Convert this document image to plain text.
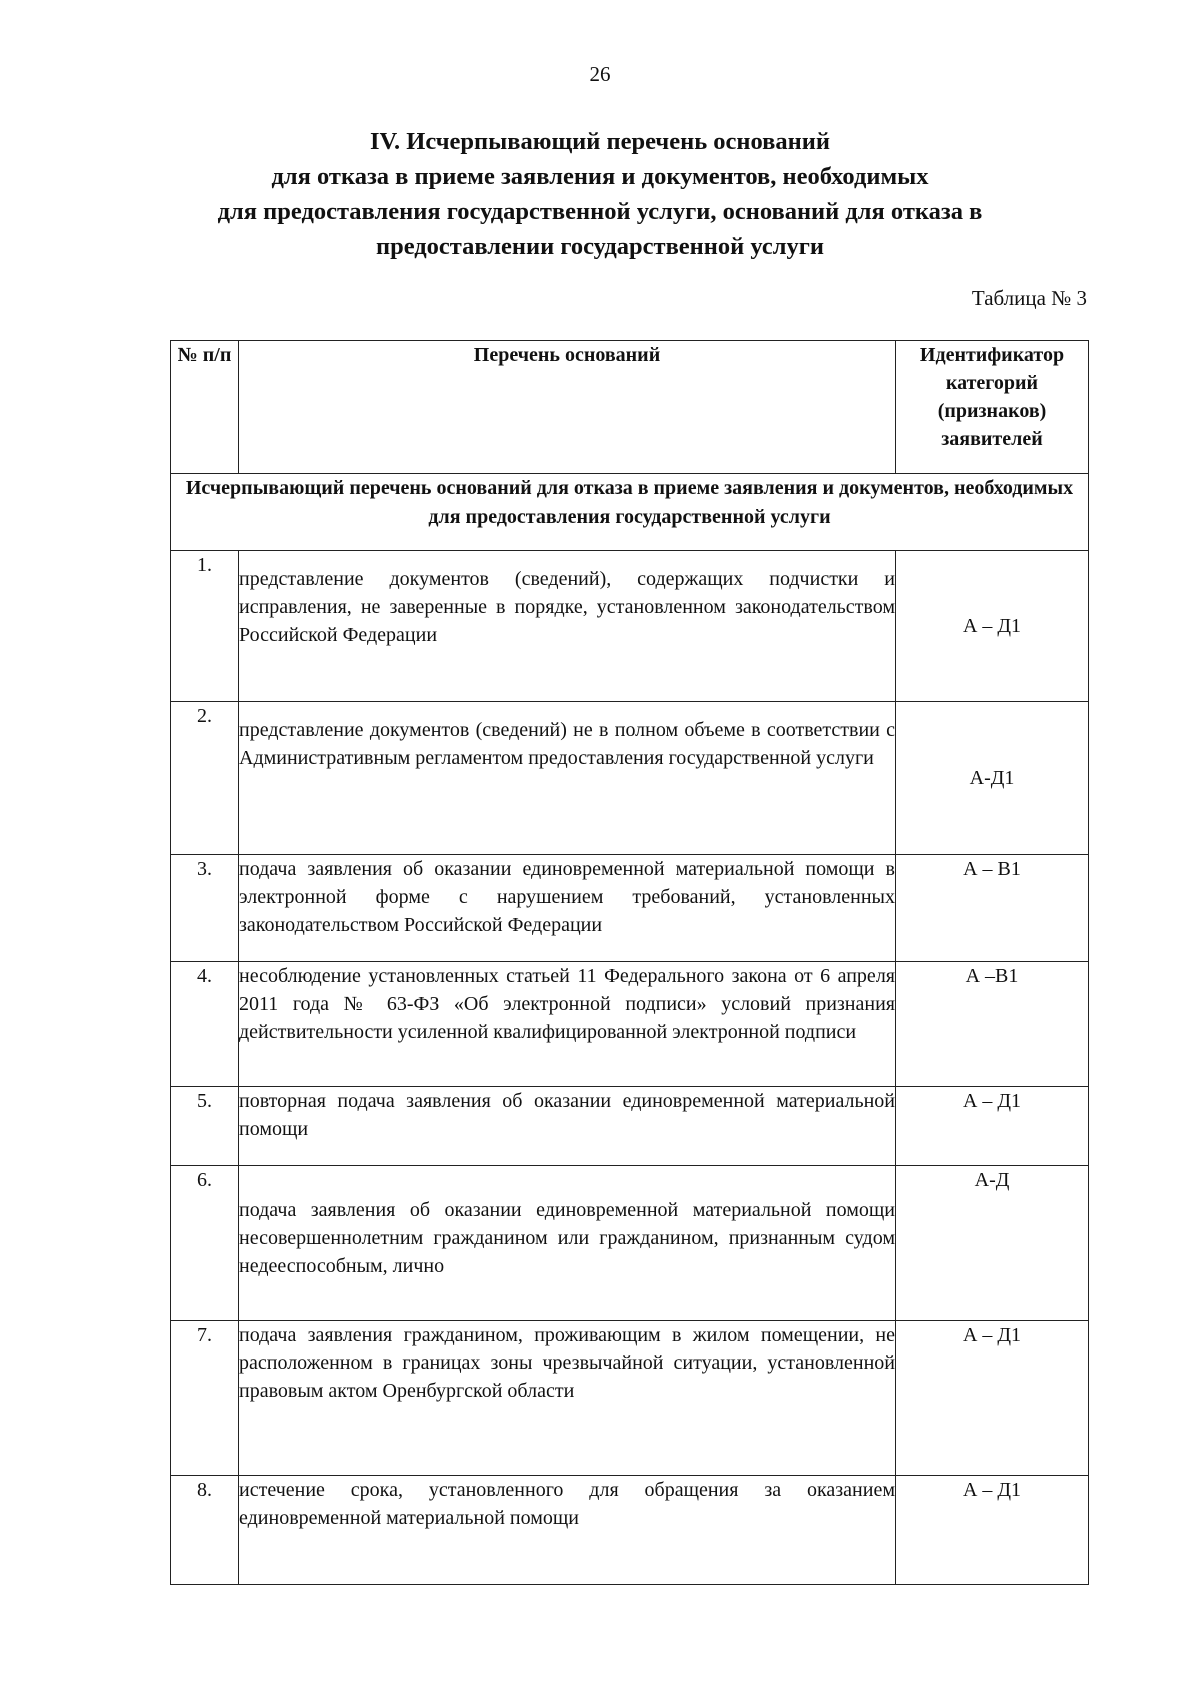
26
IV. Исчерпывающий перечень оснований
для отказа в приеме заявления и документов, необходимых
для предоставления государственной услуги, оснований для отказа в
предоставлении государственной услуги
Таблица № 3
№ п/п	Перечень оснований	Идентификатор категорий (признаков) заявителей
Исчерпывающий перечень оснований для отказа в приеме заявления и документов, необходимых для предоставления государственной услуги		
1.	представление документов (сведений), содержащих подчистки и исправления, не заверенные в порядке, установленном законодательством Российской Федерации	А – Д1
2.	представление документов (сведений) не в полном объеме в соответствии с Административным регламентом предоставления государственной услуги	А-Д1
3.	подача заявления об оказании единовременной материальной помощи в электронной форме с нарушением требований, установленных законодательством Российской Федерации	А – В1
4.	несоблюдение установленных статьей 11 Федерального закона от 6 апреля 2011 года № 63-ФЗ «Об электронной подписи» условий признания действительности усиленной квалифицированной электронной подписи	А –В1
5.	повторная подача заявления об оказании единовременной материальной помощи	А – Д1
6.	подача заявления об оказании единовременной материальной помощи несовершеннолетним гражданином или гражданином, признанным судом недееспособным, лично	А-Д
7.	подача заявления гражданином, проживающим в жилом помещении, не расположенном в границах зоны чрезвычайной ситуации, установленной правовым актом Оренбургской области	А – Д1
8.	истечение срока, установленного для обращения за оказанием единовременной материальной помощи	А – Д1
